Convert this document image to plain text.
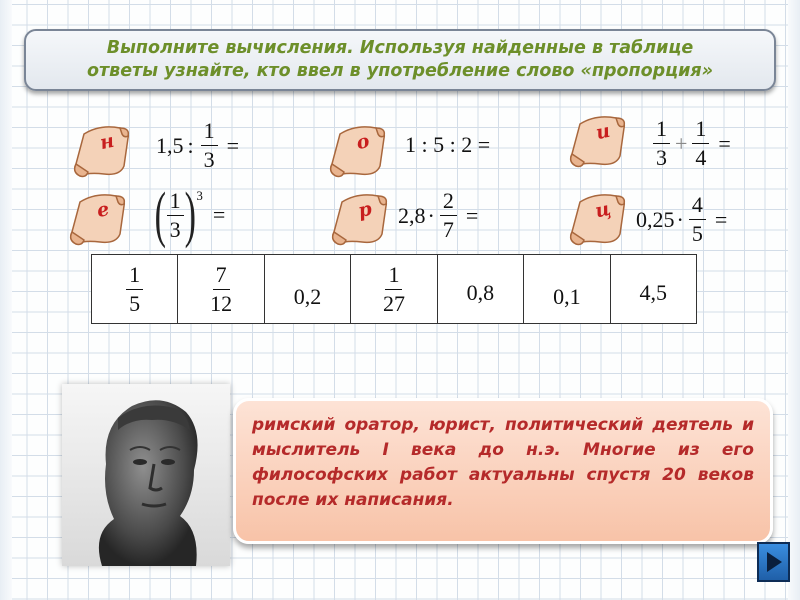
Выполните вычисления. Используя найденные в таблице
ответы узнайте, кто ввел в употребление слово «пропорция»
н	1,5 : $\frac{1}{3}$ =	о	1 : 5 : 2 =	и	$\frac{1}{3} + \frac{1}{4}$ =
е ( $\frac{1}{3}$ ) 3
=	р	$2,8 \cdot \frac{2}{7}$ =	ц	$0,25 \cdot \frac{4}{5}$ =
$\frac{1}{5}$	$\frac{7}{12}$	0,2	$\frac{1}{27}$	0,8	0,1	4,5
римский оратор, юрист, политический деятель и мыслитель I века до н.э. Многие из его философских работ актуальны спустя 20 веков после их написания.
